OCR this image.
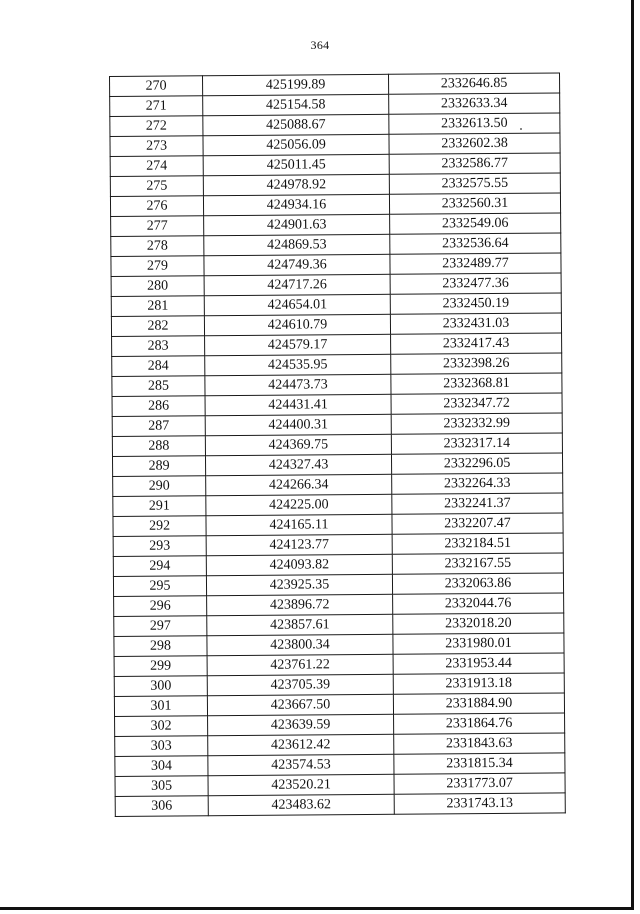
364
270	425199.89	2332646.85
271	425154.58	2332633.34
272	425088.67	2332613.50
273	425056.09	2332602.38
274	425011.45	2332586.77
275	424978.92	2332575.55
276	424934.16	2332560.31
277	424901.63	2332549.06
278	424869.53	2332536.64
279	424749.36	2332489.77
280	424717.26	2332477.36
281	424654.01	2332450.19
282	424610.79	2332431.03
283	424579.17	2332417.43
284	424535.95	2332398.26
285	424473.73	2332368.81
286	424431.41	2332347.72
287	424400.31	2332332.99
288	424369.75	2332317.14
289	424327.43	2332296.05
290	424266.34	2332264.33
291	424225.00	2332241.37
292	424165.11	2332207.47
293	424123.77	2332184.51
294	424093.82	2332167.55
295	423925.35	2332063.86
296	423896.72	2332044.76
297	423857.61	2332018.20
298	423800.34	2331980.01
299	423761.22	2331953.44
300	423705.39	2331913.18
301	423667.50	2331884.90
302	423639.59	2331864.76
303	423612.42	2331843.63
304	423574.53	2331815.34
305	423520.21	2331773.07
306	423483.62	2331743.13
